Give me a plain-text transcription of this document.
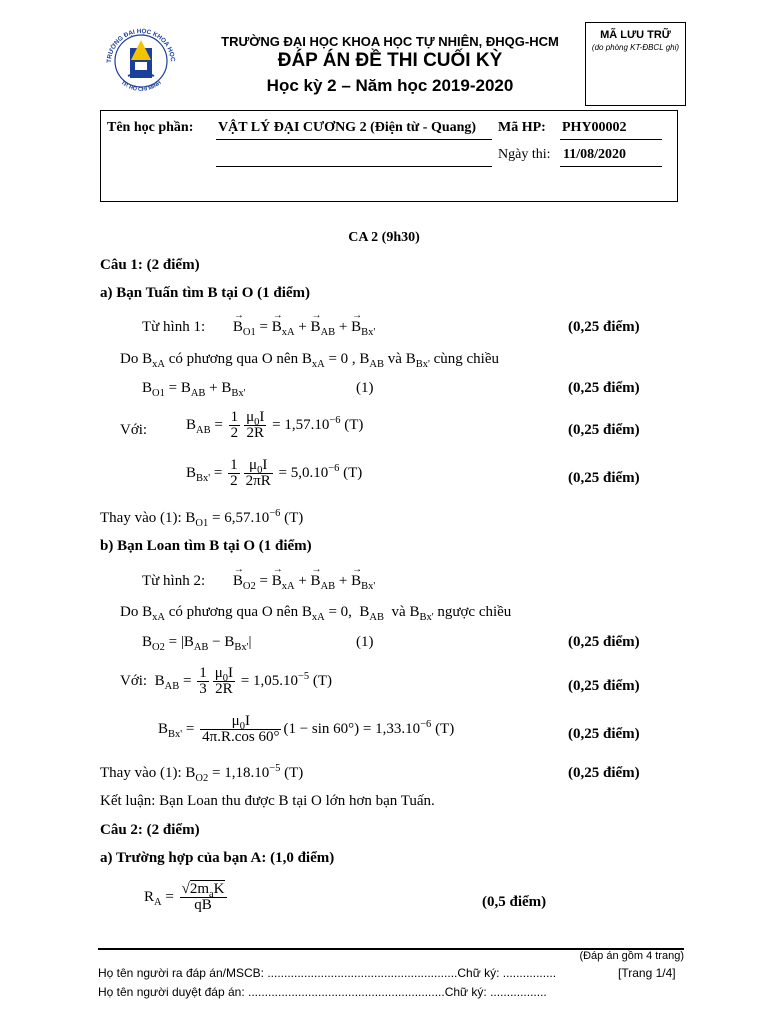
TRƯỜNG ĐẠI HỌC KHOA HỌC
TP. HỒ CHÍ MINH
TRƯỜNG ĐẠI HỌC KHOA HỌC TỰ NHIÊN, ĐHQG-HCM
ĐÁP ÁN ĐỀ THI CUỐI KỲ
Học kỳ 2 – Năm học 2019-2020
MÃ LƯU TRỮ
(do phòng KT-ĐBCL ghi)
Tên học phần: VẬT LÝ ĐẠI CƯƠNG 2 (Điện từ - Quang) Mã HP: PHY00002
Ngày thi: 11/08/2020
CA 2 (9h30)
Câu 1: (2 điểm)
a) Bạn Tuấn tìm B tại O (1 điểm)
Từ hình 1: → $B_{O1}$ = → $B_{xA}$ + → $B_{AB}$ + → $B_{Bx'}$	(0,25 điểm)
Do $B_{xA}$ có phương qua O nên $B_{xA} = 0$ , $B_{AB}$ và $B_{Bx'}$ cùng chiều
$B_{O1} = B_{AB} + B_{Bx'}$	(1)	(0,25 điểm)
Với:	$B_{AB} = \frac{1}{2} \frac{\mu_0I}{2R} = 1,57.10^{-6}$ (T)	(0,25 điểm)
$B_{Bx'} = \frac{1}{2} \frac{\mu_0I}{2\pi R} = 5,0.10^{-6}$ (T)	(0,25 điểm)
Thay vào (1): $B_{O1} = 6,57.10^{-6}$ (T)
b) Bạn Loan tìm B tại O (1 điểm)
Từ hình 2: → $B_{O2}$ = → $B_{xA}$ + → $B_{AB}$ + → $B_{Bx'}$
Do $B_{xA}$ có phương qua O nên $B_{xA} = 0$,  $B_{AB}$ và $B_{Bx'}$ ngược chiều
$B_{O2} = |B_{AB} - B_{Bx'}|$	(1)	(0,25 điểm)
Với:  $B_{AB} = \frac{1}{3} \frac{\mu_0I}{2R} = 1,05.10^{-5}$ (T)	(0,25 điểm)
$B_{Bx'} = \frac{\mu_0I}{4\pi.R.\cos 60^\circ} (1 - \sin 60^\circ) = 1,33.10^{-6}$ (T)	(0,25 điểm)
Thay vào (1): $B_{O2} = 1,18.10^{-5}$ (T)	(0,25 điểm)
Kết luận: Bạn Loan thu được B tại O lớn hơn bạn Tuấn.
Câu 2: (2 điểm)
a) Trường hợp của bạn A: (1,0 điểm)
$R_A = \frac{√2m_aK}{qB}$	(0,5 điểm)
(Đáp án gồm 4 trang)
Họ tên người ra đáp án/MSCB: .........................................................Chữ ký: ................	[Trang 1/4]
Họ tên người duyệt đáp án: ...........................................................Chữ ký: .................
